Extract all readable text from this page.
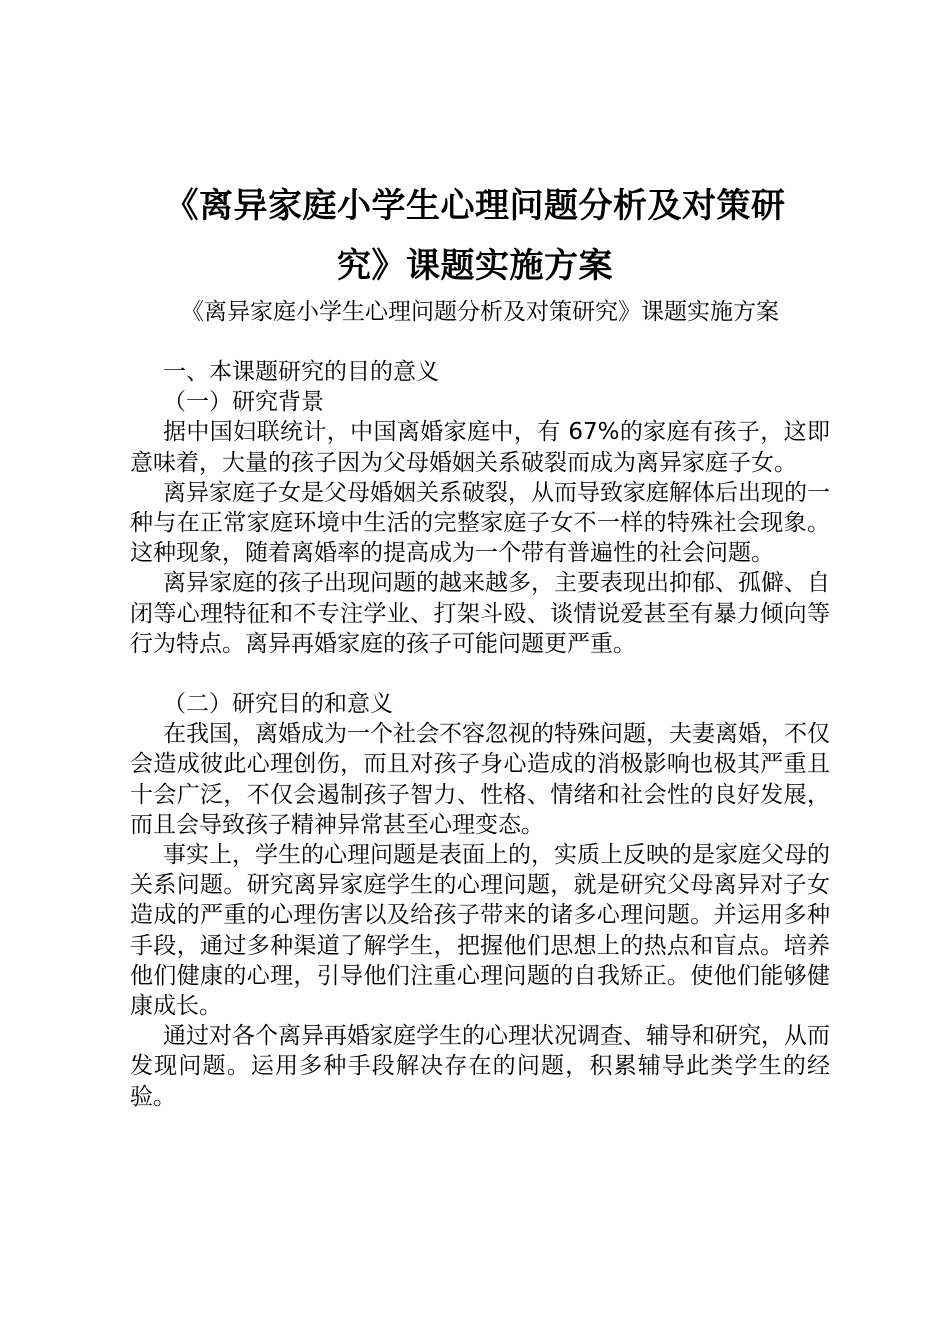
《离异家庭小学生心理问题分析及对策研
究》课题实施方案
《离异家庭小学生心理问题分析及对策研究》课题实施方案
一、本课题研究的目的意义
（一）研究背景

据中国妇联统计，中国离婚家庭中，有 67%的家庭有孩子，这即意味着，大量的孩子因为父母婚姻关系破裂而成为离异家庭子女。

离异家庭子女是父母婚姻关系破裂，从而导致家庭解体后出现的一种与在正常家庭环境中生活的完整家庭子女不一样的特殊社会现象。这种现象，随着离婚率的提高成为一个带有普遍性的社会问题。

离异家庭的孩子出现问题的越来越多，主要表现出抑郁、孤僻、自闭等心理特征和不专注学业、打架斗殴、谈情说爱甚至有暴力倾向等行为特点。离异再婚家庭的孩子可能问题更严重。

（二）研究目的和意义

在我国，离婚成为一个社会不容忽视的特殊问题，夫妻离婚，不仅会造成彼此心理创伤，而且对孩子身心造成的消极影响也极其严重且十会广泛，不仅会遏制孩子智力、性格、情绪和社会性的良好发展，而且会导致孩子精神异常甚至心理变态。

事实上，学生的心理问题是表面上的，实质上反映的是家庭父母的关系问题。研究离异家庭学生的心理问题，就是研究父母离异对子女造成的严重的心理伤害以及给孩子带来的诸多心理问题。并运用多种手段，通过多种渠道了解学生，把握他们思想上的热点和盲点。培养他们健康的心理，引导他们注重心理问题的自我矫正。使他们能够健康成长。

通过对各个离异再婚家庭学生的心理状况调查、辅导和研究，从而发现问题。运用多种手段解决存在的问题，积累辅导此类学生的经验。
